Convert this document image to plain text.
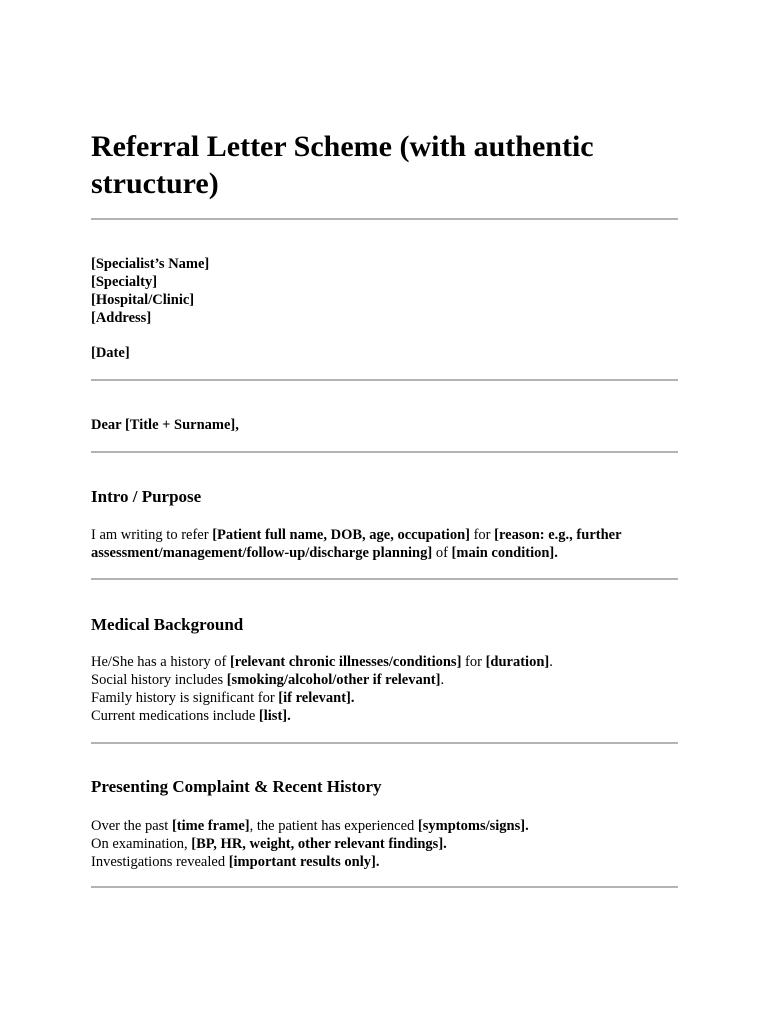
Referral Letter Scheme (with authentic structure)
[Specialist’s Name]
[Specialty]
[Hospital/Clinic]
[Address]
[Date]
Dear [Title + Surname],
Intro / Purpose
I am writing to refer [Patient full name, DOB, age, occupation] for [reason: e.g., further
assessment/management/follow-up/discharge planning] of [main condition].
Medical Background
He/She has a history of [relevant chronic illnesses/conditions] for [duration].
Social history includes [smoking/alcohol/other if relevant].
Family history is significant for [if relevant].
Current medications include [list].
Presenting Complaint & Recent History
Over the past [time frame], the patient has experienced [symptoms/signs].
On examination, [BP, HR, weight, other relevant findings].
Investigations revealed [important results only].
